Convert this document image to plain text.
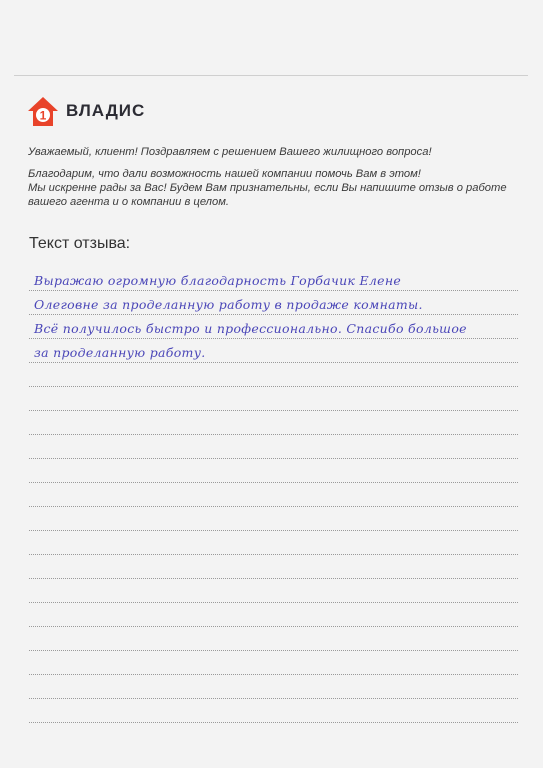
1 ВЛАДИС

Уважаемый, клиент! Поздравляем с решением Вашего жилищного вопроса!

Благодарим, что дали возможность нашей компании помочь Вам в этом!

Мы искренне рады за Вас! Будем Вам признательны, если Вы напишите отзыв о работе

вашего агента и о компании в целом.

Текст отзыва:
Выражаю огромную благодарность Горбачик Елене
Олеговне за проделанную работу в продаже комнаты.
Всё получилось быстро и профессионально. Спасибо большое
за проделанную работу.
